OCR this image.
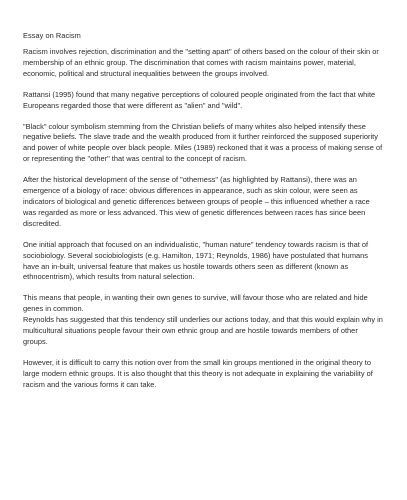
Essay on Racism

Racism involves rejection, discrimination and the "setting apart" of others based on the colour of their skin or membership of an ethnic group. The discrimination that comes with racism maintains power, material, economic, political and structural inequalities between the groups involved.

Rattansi (1995) found that many negative perceptions of coloured people originated from the fact that white Europeans regarded those that were different as "alien" and "wild".

"Black" colour symbolism stemming from the Christian beliefs of many whites also helped intensify these negative beliefs. The slave trade and the wealth produced from it further reinforced the supposed superiority and power of white people over black people. Miles (1989) reckoned that it was a process of making sense of or representing the "other" that was central to the concept of racism.

After the historical development of the sense of "otherness" (as highlighted by Rattansi), there was an emergence of a biology of race: obvious differences in appearance, such as skin colour, were seen as indicators of biological and genetic differences between groups of people – this influenced whether a race was regarded as more or less advanced. This view of genetic differences between races has since been discredited.

One initial approach that focused on an individualistic, "human nature" tendency towards racism is that of sociobiology. Several sociobiologists (e.g. Hamilton, 1971; Reynolds, 1986) have postulated that humans have an in-built, universal feature that makes us hostile towards others seen as different (known as ethnocentrism), which results from natural selection.

This means that people, in wanting their own genes to survive, will favour those who are related and hide genes in common.

Reynolds has suggested that this tendency still underlies our actions today, and that this would explain why in multicultural situations people favour their own ethnic group and are hostile towards members of other groups.

However, it is difficult to carry this notion over from the small kin groups mentioned in the original theory to large modern ethnic groups. It is also thought that this theory is not adequate in explaining the variability of racism and the various forms it can take.
